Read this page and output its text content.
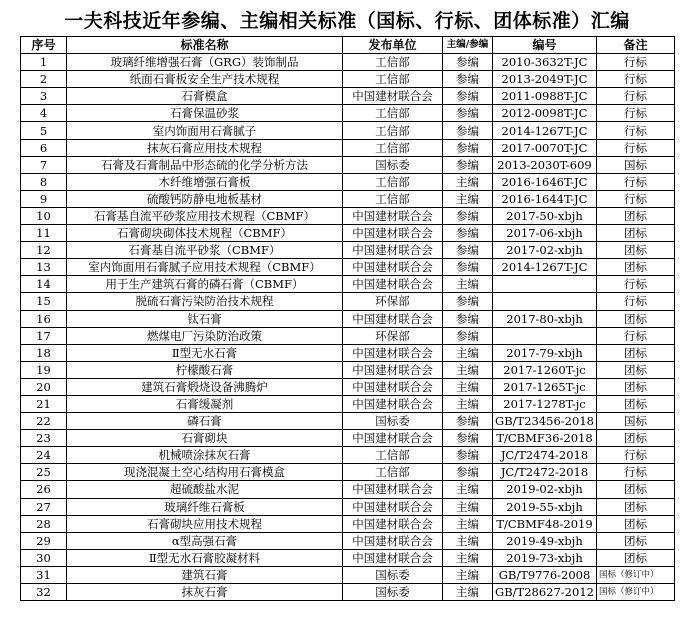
一夫科技近年参编、主编相关标准（国标、行标、团体标准）汇编
序号	标准名称	发布单位	主编/参编	编号	备注
1	玻璃纤维增强石膏（GRG）装饰制品	工信部	参编	2010-3632T-JC	行标
2	纸面石膏板安全生产技术规程	工信部	参编	2013-2049T-JC	行标
3	石膏模盒	中国建材联合会	参编	2011-0988T-JC	行标
4	石膏保温砂浆	工信部	参编	2012-0098T-JC	行标
5	室内饰面用石膏腻子	工信部	参编	2014-1267T-JC	行标
6	抹灰石膏应用技术规程	工信部	参编	2017-0070T-JC	行标
7	石膏及石膏制品中形态硫的化学分析方法	国标委	参编	2013-2030T-609	国标
8	木纤维增强石膏板	工信部	主编	2016-1646T-JC	行标
9	硫酸钙防静电地板基材	工信部	主编	2016-1644T-JC	行标
10	石膏基自流平砂浆应用技术规程（CBMF）	中国建材联合会	参编	2017-50-xbjh	团标
11	石膏砌块砌体技术规程（CBMF）	中国建材联合会	参编	2017-06-xbjh	团标
12	石膏基自流平砂浆（CBMF）	中国建材联合会	参编	2017-02-xbjh	团标
13	室内饰面用石膏腻子应用技术规程（CBMF）	中国建材联合会	参编	2014-1267T-JC	团标
14	用于生产建筑石膏的磷石膏（CBMF）	中国建材联合会	主编		行标
15	脱硫石膏污染防治技术规程	环保部	参编		行标
16	钛石膏	中国建材联合会	参编	2017-80-xbjh	团标
17	燃煤电厂污染防治政策	环保部	参编		行标
18	Ⅱ型无水石膏	中国建材联合会	主编	2017-79-xbjh	团标
19	柠檬酸石膏	中国建材联合会	主编	2017-1260T-jc	团标
20	建筑石膏煅烧设备沸腾炉	中国建材联合会	主编	2017-1265T-jc	团标
21	石膏缓凝剂	中国建材联合会	主编	2017-1278T-jc	团标
22	磷石膏	国标委	参编	GB/T23456-2018	国标
23	石膏砌块	中国建材联合会	参编	T/CBMF36-2018	团标
24	机械喷涂抹灰石膏	工信部	参编	JC/T2474-2018	行标
25	现浇混凝土空心结构用石膏模盒	工信部	参编	JC/T2472-2018	行标
26	超硫酸盐水泥	中国建材联合会	主编	2019-02-xbjh	团标
27	玻璃纤维石膏板	中国建材联合会	主编	2019-55-xbjh	团标
28	石膏砌块应用技术规程	中国建材联合会	主编	T/CBMF48-2019	团标
29	α型高强石膏	中国建材联合会	主编	2019-49-xbjh	团标
30	Ⅱ型无水石膏胶凝材料	中国建材联合会	主编	2019-73-xbjh	团标
31	建筑石膏	国标委	主编	GB/T9776-2008	国标（修订中）
32	抹灰石膏	国标委	主编	GB/T28627-2012	国标（修订中）
